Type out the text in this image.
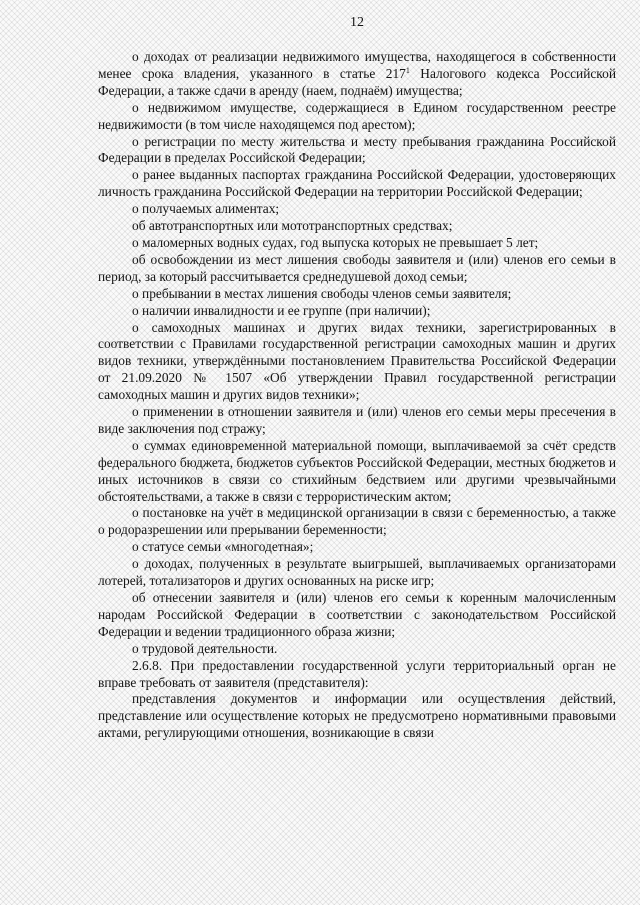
12

о доходах от реализации недвижимого имущества, находящегося в собственности менее срока владения, указанного в статье $217^1$ Налогового кодекса Российской Федерации, а также сдачи в аренду (наем, поднаём) имущества;

о недвижимом имуществе, содержащиеся в Едином государственном реестре недвижимости (в том числе находящемся под арестом);

о регистрации по месту жительства и месту пребывания гражданина Российской Федерации в пределах Российской Федерации;

о ранее выданных паспортах гражданина Российской Федерации, удостоверяющих личность гражданина Российской Федерации на территории Российской Федерации;

о получаемых алиментах;

об автотранспортных или мототранспортных средствах;

о маломерных водных судах, год выпуска которых не превышает 5 лет;

об освобождении из мест лишения свободы заявителя и (или) членов его семьи в период, за который рассчитывается среднедушевой доход семьи;

о пребывании в местах лишения свободы членов семьи заявителя;

о наличии инвалидности и ее группе (при наличии);

о самоходных машинах и других видах техники, зарегистрированных в соответствии с Правилами государственной регистрации самоходных машин и других видов техники, утверждёнными постановлением Правительства Российской Федерации от 21.09.2020 № 1507 «Об утверждении Правил государственной регистрации самоходных машин и других видов техники»;

о применении в отношении заявителя и (или) членов его семьи меры пресечения в виде заключения под стражу;

о суммах единовременной материальной помощи, выплачиваемой за счёт средств федерального бюджета, бюджетов субъектов Российской Федерации, местных бюджетов и иных источников в связи со стихийным бедствием или другими чрезвычайными обстоятельствами, а также в связи с террористическим актом;

о постановке на учёт в медицинской организации в связи с беременностью, а также о родоразрешении или прерывании беременности;

о статусе семьи «многодетная»;

о доходах, полученных в результате выигрышей, выплачиваемых организаторами лотерей, тотализаторов и других основанных на риске игр;

об отнесении заявителя и (или) членов его семьи к коренным малочисленным народам Российской Федерации в соответствии с законодательством Российской Федерации и ведении традиционного образа жизни;

о трудовой деятельности.

2.6.8. При предоставлении государственной услуги территориальный орган не вправе требовать от заявителя (представителя):

представления документов и информации или осуществления действий, представление или осуществление которых не предусмотрено нормативными правовыми актами, регулирующими отношения, возникающие в связи
